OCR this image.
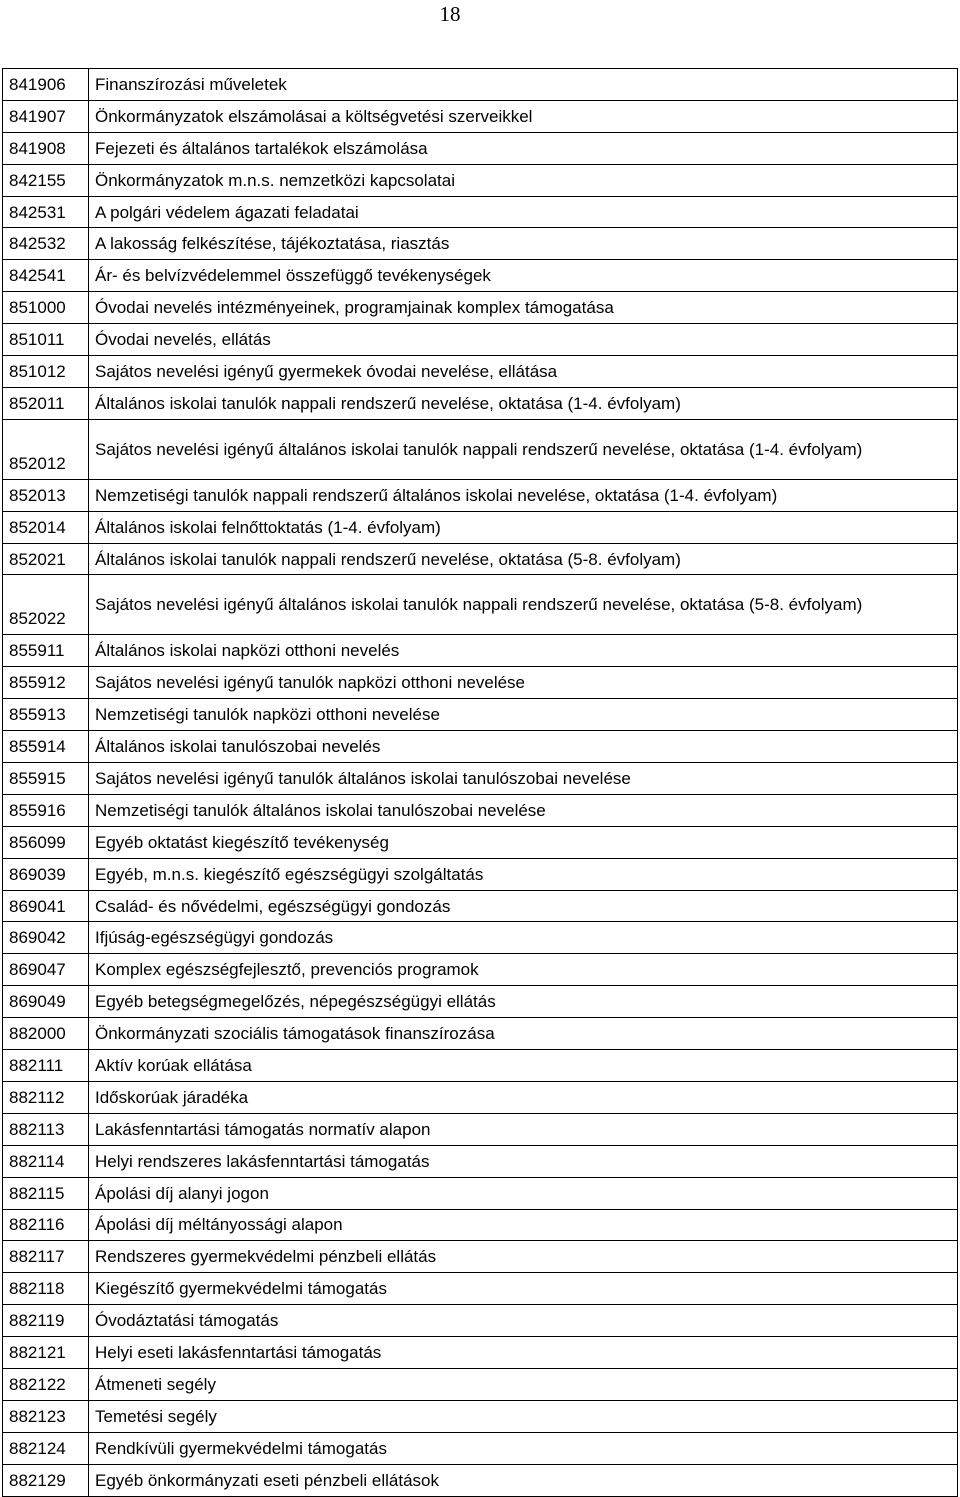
18
841906	Finanszírozási műveletek
841907	Önkormányzatok elszámolásai a költségvetési szerveikkel
841908	Fejezeti és általános tartalékok elszámolása
842155	Önkormányzatok m.n.s. nemzetközi kapcsolatai
842531	A polgári védelem ágazati feladatai
842532	A lakosság felkészítése, tájékoztatása, riasztás
842541	Ár- és belvízvédelemmel összefüggő tevékenységek
851000	Óvodai nevelés intézményeinek, programjainak komplex támogatása
851011	Óvodai nevelés, ellátás
851012	Sajátos nevelési igényű gyermekek óvodai nevelése, ellátása
852011	Általános iskolai tanulók nappali rendszerű nevelése, oktatása (1-4. évfolyam)
852012	Sajátos nevelési igényű általános iskolai tanulók nappali rendszerű nevelése, oktatása (1-4. évfolyam)
852013	Nemzetiségi tanulók nappali rendszerű általános iskolai nevelése, oktatása (1-4. évfolyam)
852014	Általános iskolai felnőttoktatás (1-4. évfolyam)
852021	Általános iskolai tanulók nappali rendszerű nevelése, oktatása (5-8. évfolyam)
852022	Sajátos nevelési igényű általános iskolai tanulók nappali rendszerű nevelése, oktatása (5-8. évfolyam)
855911	Általános iskolai napközi otthoni nevelés
855912	Sajátos nevelési igényű tanulók napközi otthoni nevelése
855913	Nemzetiségi tanulók napközi otthoni nevelése
855914	Általános iskolai tanulószobai nevelés
855915	Sajátos nevelési igényű tanulók általános iskolai tanulószobai nevelése
855916	Nemzetiségi tanulók általános iskolai tanulószobai nevelése
856099	Egyéb oktatást kiegészítő tevékenység
869039	Egyéb, m.n.s. kiegészítő egészségügyi szolgáltatás
869041	Család- és nővédelmi, egészségügyi gondozás
869042	Ifjúság-egészségügyi gondozás
869047	Komplex egészségfejlesztő, prevenciós programok
869049	Egyéb betegségmegelőzés, népegészségügyi ellátás
882000	Önkormányzati szociális támogatások finanszírozása
882111	Aktív korúak ellátása
882112	Időskorúak járadéka
882113	Lakásfenntartási támogatás normatív alapon
882114	Helyi rendszeres lakásfenntartási támogatás
882115	Ápolási díj alanyi jogon
882116	Ápolási díj méltányossági alapon
882117	Rendszeres gyermekvédelmi pénzbeli ellátás
882118	Kiegészítő gyermekvédelmi támogatás
882119	Óvodáztatási támogatás
882121	Helyi eseti lakásfenntartási támogatás
882122	Átmeneti segély
882123	Temetési segély
882124	Rendkívüli gyermekvédelmi támogatás
882129	Egyéb önkormányzati eseti pénzbeli ellátások
